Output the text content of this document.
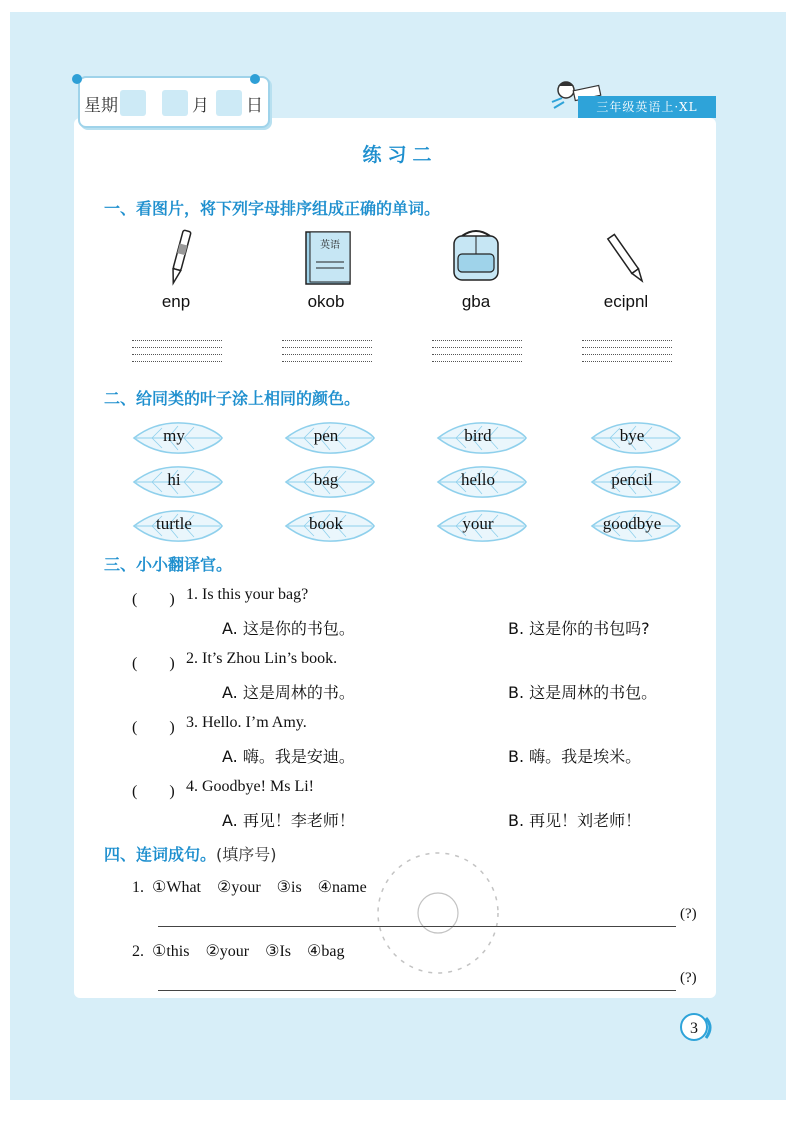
星期	月 日	三年级英语上·XL
练习二
一、看图片，将下列字母排序组成正确的单词。
英语
enp	okob	gba	ecipnl
二、给同类的叶子涂上相同的颜色。
my	pen	bird	bye
hi	bag	hello	pencil
turtle	book	your	goodbye
三、小小翻译官。
(　　) 1. Is this your bag?
A. 这是你的书包。	B. 这是你的书包吗?
(　　) 2. It’s Zhou Lin’s book.
A. 这是周林的书。	B. 这是周林的书包。
(　　) 3. Hello. I’m Amy.
A. 嗨。我是安迪。	B. 嗨。我是埃米。
(　　) 4. Goodbye! Ms Li!
A. 再见！李老师！	B. 再见！刘老师！
四、连词成句。(填序号)
1. ①What　②your　③is　④name
(?)
2. ①this　②your　③Is　④bag
(?)
3
